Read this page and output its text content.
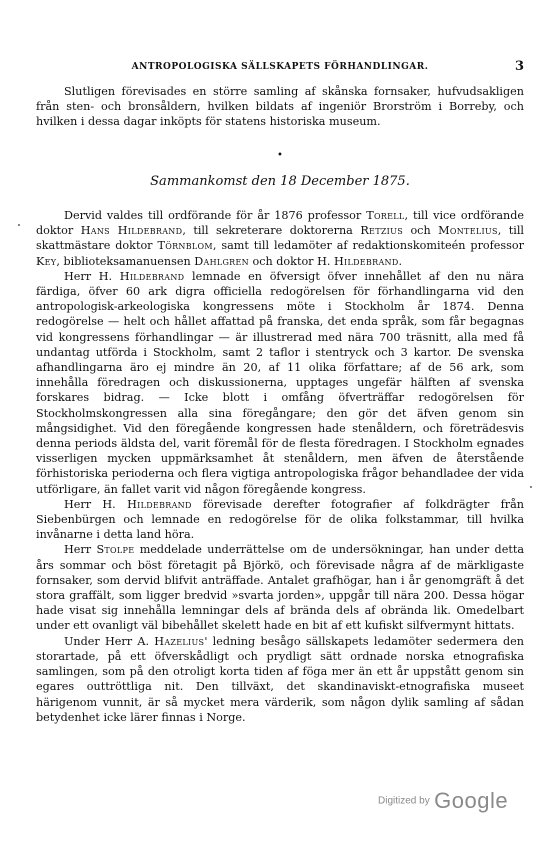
ANTROPOLOGISKA SÄLLSKAPETS FÖRHANDLINGAR.	3

Slutligen förevisades en större samling af skånska fornsaker, hufvudsakligen från sten- och bronsåldern, hvilken bildats af ingeniör Brorström i Borreby, och hvilken i dessa dagar inköpts för statens historiska museum.

•
Sammankomst den 18 December 1875.

Dervid valdes till ordförande för år 1876 professor Torell, till vice ordförande doktor Hans Hildebrand, till sekreterare doktorerna Retzius och Montelius, till skattmästare doktor Törnblom, samt till ledamöter af redaktionskomiteén professor Key, biblioteksamanuensen Dahlgren och doktor H. Hildebrand.

Herr H. Hildebrand lemnade en öfversigt öfver innehållet af den nu nära färdiga, öfver 60 ark digra officiella redogörelsen för förhandlingarna vid den antropologisk-arkeologiska kongressens möte i Stockholm år 1874. Denna redogörelse — helt och hållet affattad på franska, det enda språk, som får begagnas vid kongressens förhandlingar — är illustrerad med nära 700 träsnitt, alla med få undantag utförda i Stockholm, samt 2 taflor i stentryck och 3 kartor. De svenska afhandlingarna äro ej mindre än 20, af 11 olika författare; af de 56 ark, som innehålla föredragen och diskussionerna, upptages ungefär hälften af svenska forskares bidrag. — Icke blott i omfång öfverträffar redogörelsen för Stockholmskongressen alla sina föregångare; den gör det äfven genom sin mångsidighet. Vid den föregående kongressen hade stenåldern, och företrädesvis denna periods äldsta del, varit föremål för de flesta föredragen. I Stockholm egnades visserligen mycken uppmärksamhet åt stenåldern, men äfven de återstående förhistoriska perioderna och flera vigtiga antropologiska frågor behandladee der vida utförligare, än fallet varit vid någon föregående kongress.

Herr H. Hildebrand förevisade derefter fotografier af folkdrägter från Siebenbürgen och lemnade en redogörelse för de olika folkstammar, till hvilka invånarne i detta land höra.

Herr Stolpe meddelade underrättelse om de undersökningar, han under detta års sommar och böst företagit på Björkö, och förevisade några af de märkligaste fornsaker, som dervid blifvit anträffade. Antalet grafhögar, han i år genomgräft å det stora graffält, som ligger bredvid »svarta jorden», uppgår till nära 200. Dessa högar hade visat sig innehålla lemningar dels af brända dels af obrända lik. Omedelbart under ett ovanligt väl bibehållet skelett hade en bit af ett kufiskt silfvermynt hittats.

Under Herr A. Hazelius' ledning besågo sällskapets ledamöter sedermera den storartade, på ett öfverskådligt och prydligt sätt ordnade norska etnografiska samlingen, som på den otroligt korta tiden af föga mer än ett år uppstått genom sin egares outtröttliga nit. Den tillväxt, det skandinaviskt-etnografiska museet härigenom vunnit, är så mycket mera värderik, som någon dylik samling af sådan betydenhet icke lärer finnas i Norge.

Digitized by Google
